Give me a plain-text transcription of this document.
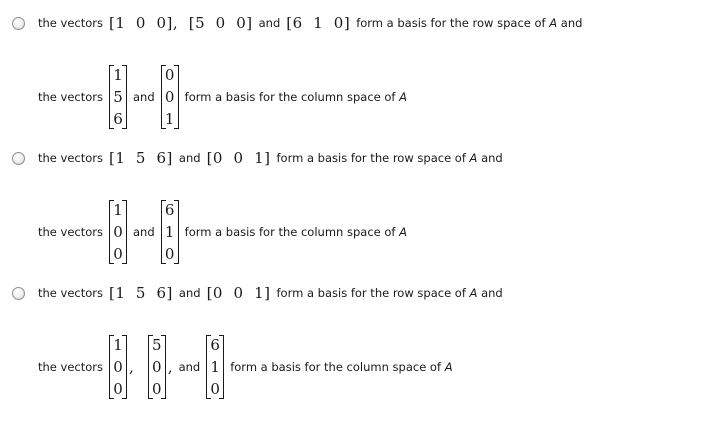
the vectors [1  0  0],  [5  0  0] and [6  1  0] form a basis for the row space of
A
and
the vectors
1
5
6
and
0
0
1
form a basis for the column space of
A
the vectors [1  5  6] and [0  0  1] form a basis for the row space of
A
and
the vectors
1
0
0
and
6
1
0
form a basis for the column space of
A
the vectors [1  5  6] and [0  0  1] form a basis for the row space of
A
and
the vectors
1
0
0
,
5
0
0
, and
6
1
0
form a basis for the column space of
A
